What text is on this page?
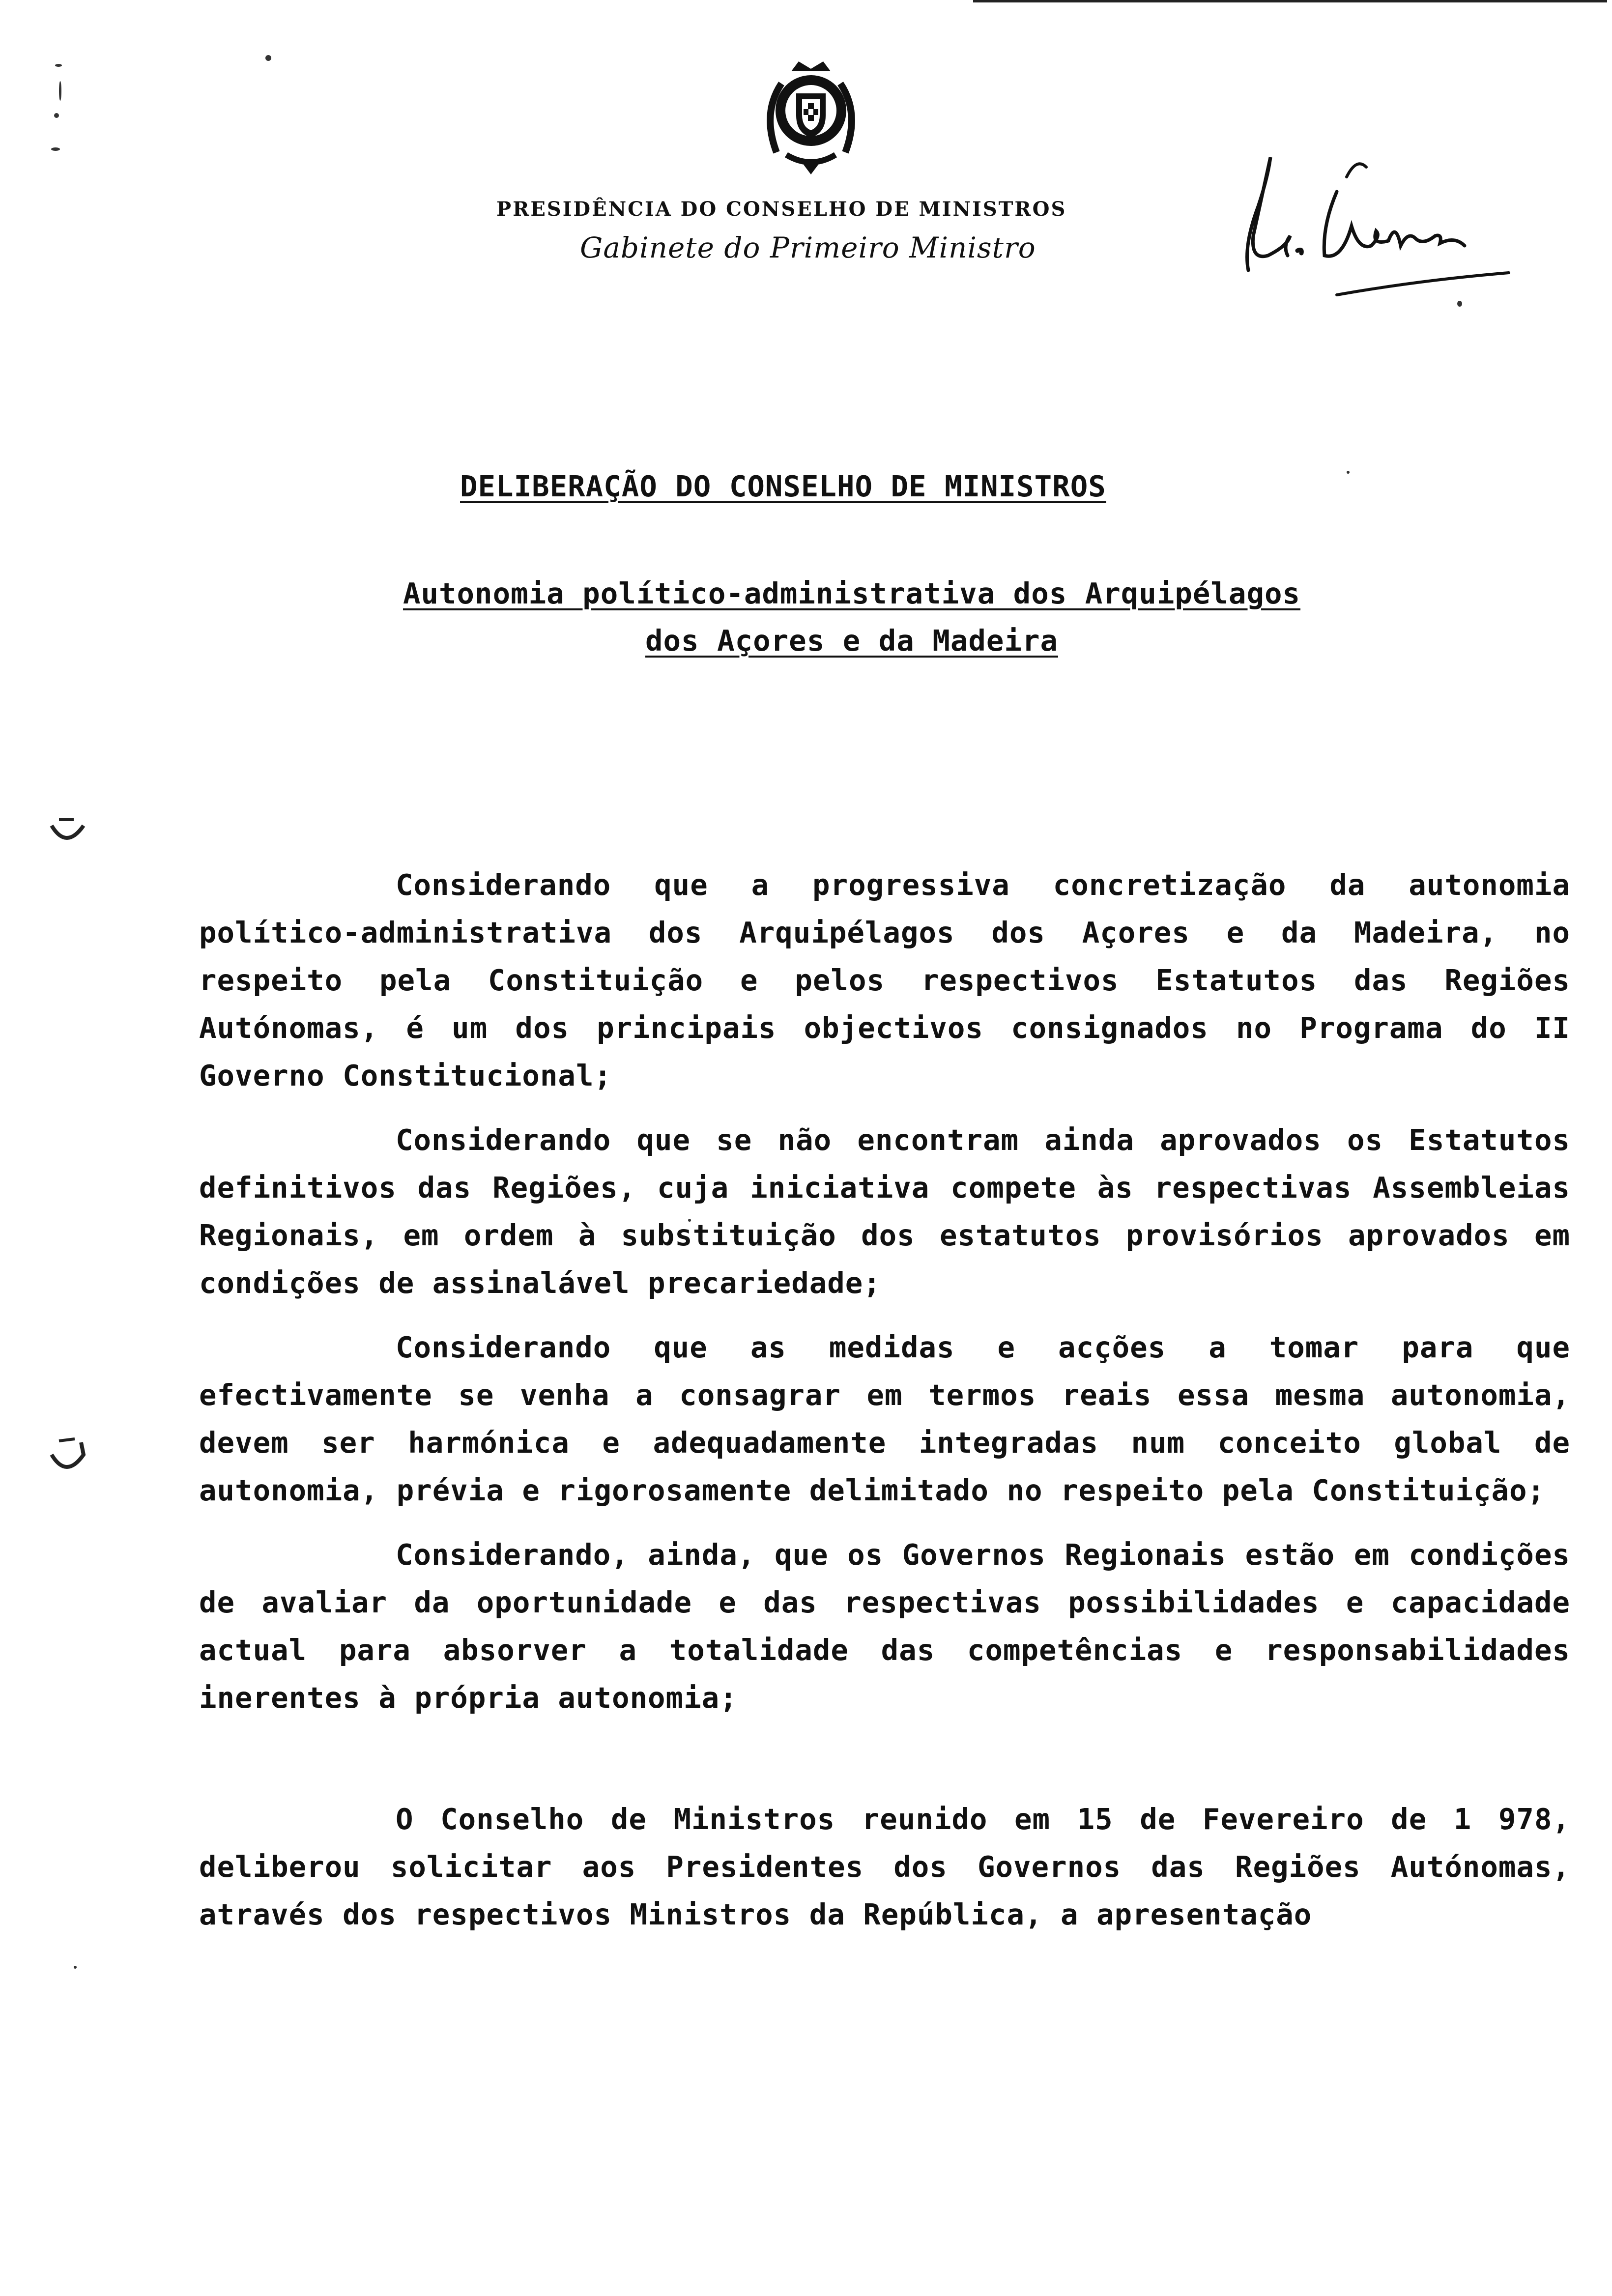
PRESIDÊNCIA DO CONSELHO DE MINISTROS
Gabinete do Primeiro Ministro
DELIBERAÇÃO DO CONSELHO DE MINISTROS
Autonomia político-administrativa dos Arquipélagos
dos Açores e da Madeira

Considerando que a progressiva concretização da autonomia político-administrativa dos Arquipélagos dos Açores e da Madeira, no respeito pela Constituição e pelos respectivos Estatutos das Regiões Autónomas, é um dos principais objectivos consignados no Programa do II Governo Constitucional;

Considerando que se não encontram ainda aprovados os Estatutos definitivos das Regiões, cuja iniciativa compete às respectivas Assembleias Regionais, em ordem à substituição dos estatutos provisórios aprovados em condições de assinalável precariedade;

Considerando que as medidas e acções a tomar para que efectivamente se venha a consagrar em termos reais essa mesma autonomia, devem ser harmónica e adequadamente integradas num conceito global de autonomia, prévia e rigorosamente delimitado no respeito pela Constituição;

Considerando, ainda, que os Governos Regionais estão em condições de avaliar da oportunidade e das respectivas possibilidades e capacidade actual para absorver a totalidade das competências e responsabilidades inerentes à própria autonomia;

O Conselho de Ministros reunido em 15 de Fevereiro de 1 978, deliberou solicitar aos Presidentes dos Governos das Regiões Autónomas, através dos respectivos Ministros da República, a apresentação
